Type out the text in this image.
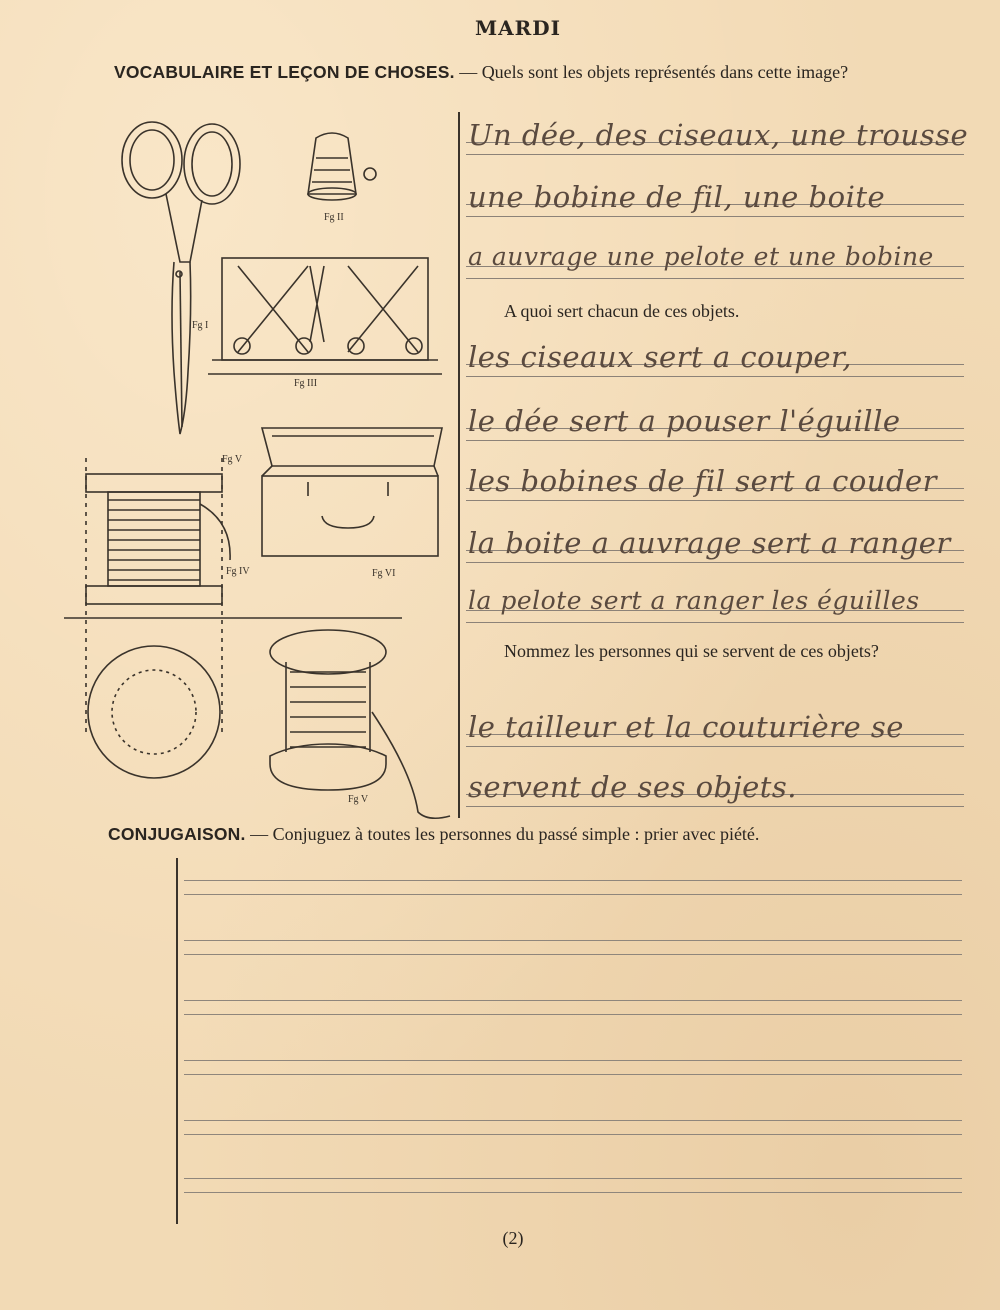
MARDI
VOCABULAIRE ET LEÇON DE CHOSES. — Quels sont les objets représentés dans cette image?
Fg I
Fg II
Fg III
Fg IV
Fg V
Fg VI
Fg V
Un dée, des ciseaux, une trousse
une bobine de fil, une boite
a auvrage une pelote et une bobine
A quoi sert chacun de ces objets.
les ciseaux sert a couper,
le dée sert a pouser l'éguille
les bobines de fil sert a couder
la boite a auvrage sert a ranger
la pelote sert a ranger les éguilles
Nommez les personnes qui se servent de ces objets?
le tailleur et la couturière se
servent de ses objets.
CONJUGAISON. — Conjuguez à toutes les personnes du passé simple : prier avec piété.
(2)
